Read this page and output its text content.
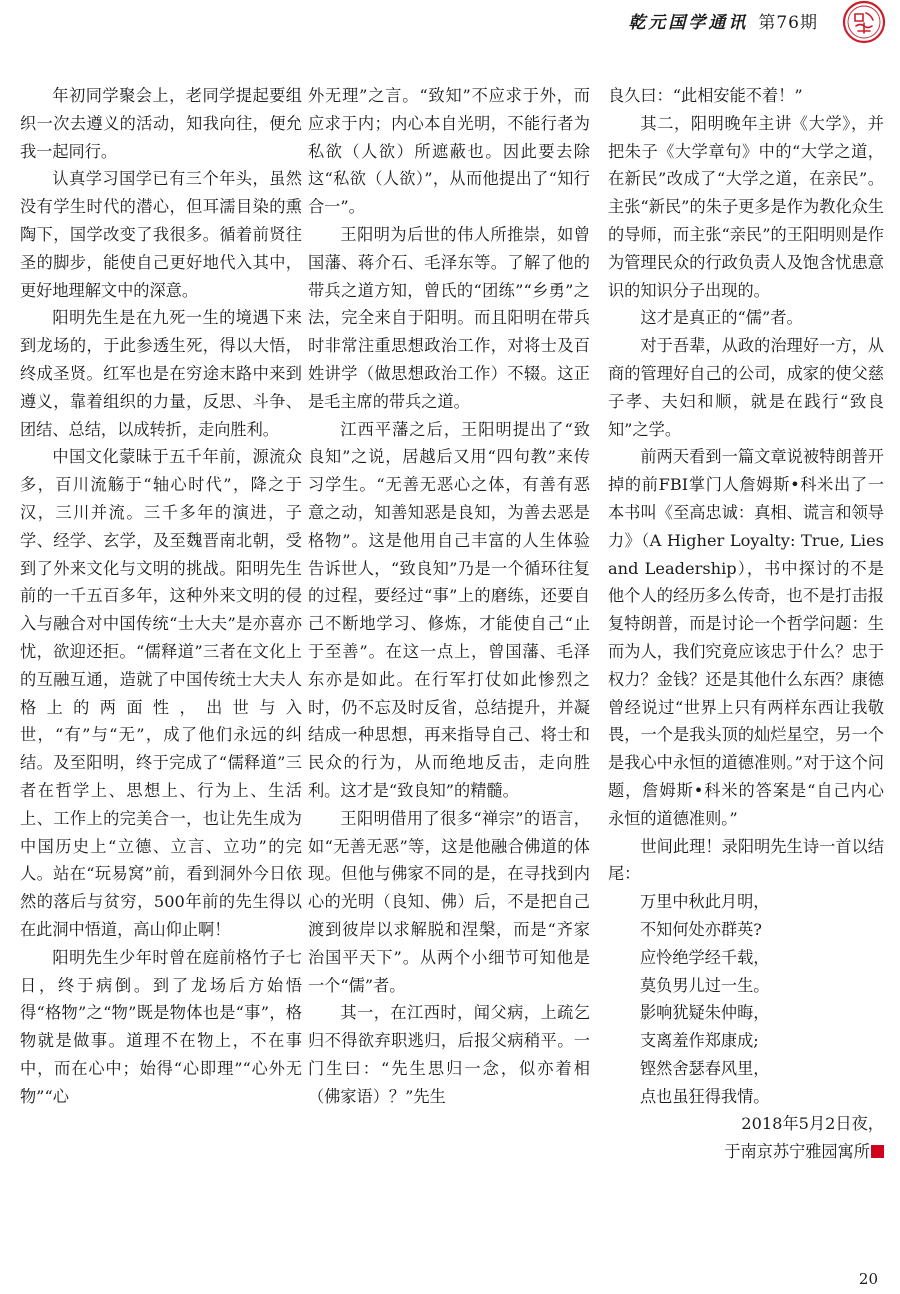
乾元国学通讯 第76期

年初同学聚会上，老同学提起要组织一次去遵义的活动，知我向往，便允我一起同行。

认真学习国学已有三个年头，虽然没有学生时代的潜心，但耳濡目染的熏陶下，国学改变了我很多。循着前贤往圣的脚步，能使自己更好地代入其中，更好地理解文中的深意。

阳明先生是在九死一生的境遇下来到龙场的，于此参透生死，得以大悟，终成圣贤。红军也是在穷途末路中来到遵义，靠着组织的力量，反思、斗争、团结、总结，以成转折，走向胜利。

中国文化蒙昧于五千年前，源流众多，百川流觞于“轴心时代”，降之于汉，三川并流。三千多年的演进，子学、经学、玄学，及至魏晋南北朝，受到了外来文化与文明的挑战。阳明先生前的一千五百多年，这种外来文明的侵入与融合对中国传统“士大夫”是亦喜亦忧，欲迎还拒。“儒释道”三者在文化上的互融互通，造就了中国传统士大夫人格上的两面性，出世与入世，“有”与“无”，成了他们永远的纠结。及至阳明，终于完成了“儒释道”三者在哲学上、思想上、行为上、生活上、工作上的完美合一，也让先生成为中国历史上“立德、立言、立功”的完人。站在“玩易窝”前，看到洞外今日依然的落后与贫穷，500年前的先生得以在此洞中悟道，高山仰止啊！

阳明先生少年时曾在庭前格竹子七日，终于病倒。到了龙场后方始悟得“格物”之“物”既是物体也是“事”，格物就是做事。道理不在物上，不在事中，而在心中；始得“心即理”“心外无物”“心

外无理”之言。“致知”不应求于外，而应求于内；内心本自光明，不能行者为私欲（人欲）所遮蔽也。因此要去除这“私欲（人欲）”，从而他提出了“知行合一”。

王阳明为后世的伟人所推崇，如曾国藩、蒋介石、毛泽东等。了解了他的带兵之道方知，曾氏的“团练”“乡勇”之法，完全来自于阳明。而且阳明在带兵时非常注重思想政治工作，对将士及百姓讲学（做思想政治工作）不辍。这正是毛主席的带兵之道。

江西平藩之后，王阳明提出了“致良知”之说，居越后又用“四句教”来传习学生。“无善无恶心之体，有善有恶意之动，知善知恶是良知，为善去恶是格物”。这是他用自己丰富的人生体验告诉世人，“致良知”乃是一个循环往复的过程，要经过“事”上的磨练，还要自己不断地学习、修炼，才能使自己“止于至善”。在这一点上，曾国藩、毛泽东亦是如此。在行军打仗如此惨烈之时，仍不忘及时反省，总结提升，并凝结成一种思想，再来指导自己、将士和民众的行为，从而绝地反击，走向胜利。这才是“致良知”的精髓。

王阳明借用了很多“禅宗”的语言，如“无善无恶”等，这是他融合佛道的体现。但他与佛家不同的是，在寻找到内心的光明（良知、佛）后，不是把自己渡到彼岸以求解脱和涅槃，而是“齐家治国平天下”。从两个小细节可知他是一个“儒”者。

其一，在江西时，闻父病，上疏乞归不得欲弃职逃归，后报父病稍平。一门生曰：“先生思归一念，似亦着相（佛家语）？”先生

良久曰：“此相安能不着！”

其二，阳明晚年主讲《大学》，并把朱子《大学章句》中的“大学之道，在新民”改成了“大学之道，在亲民”。主张“新民”的朱子更多是作为教化众生的导师，而主张“亲民”的王阳明则是作为管理民众的行政负责人及饱含忧患意识的知识分子出现的。

这才是真正的“儒”者。

对于吾辈，从政的治理好一方，从商的管理好自己的公司，成家的使父慈子孝、夫妇和顺，就是在践行“致良知”之学。

前两天看到一篇文章说被特朗普开掉的前FBI掌门人詹姆斯•科米出了一本书叫《至高忠诚：真相、谎言和领导力》（A Higher Loyalty: True, Lies and Leadership），书中探讨的不是他个人的经历多么传奇，也不是打击报复特朗普，而是讨论一个哲学问题：生而为人，我们究竟应该忠于什么？忠于权力？金钱？还是其他什么东西？康德曾经说过“世界上只有两样东西让我敬畏，一个是我头顶的灿烂星空，另一个是我心中永恒的道德准则。”对于这个问题，詹姆斯•科米的答案是“自己内心永恒的道德准则。”

世间此理！录阳明先生诗一首以结尾：

万里中秋此月明，
不知何处亦群英?
应怜绝学经千载，
莫负男儿过一生。
影响犹疑朱仲晦，
支离羞作郑康成;
铿然舍瑟春风里，
点也虽狂得我情。
2018年5月2日夜，
于南京苏宁雅园寓所
20
